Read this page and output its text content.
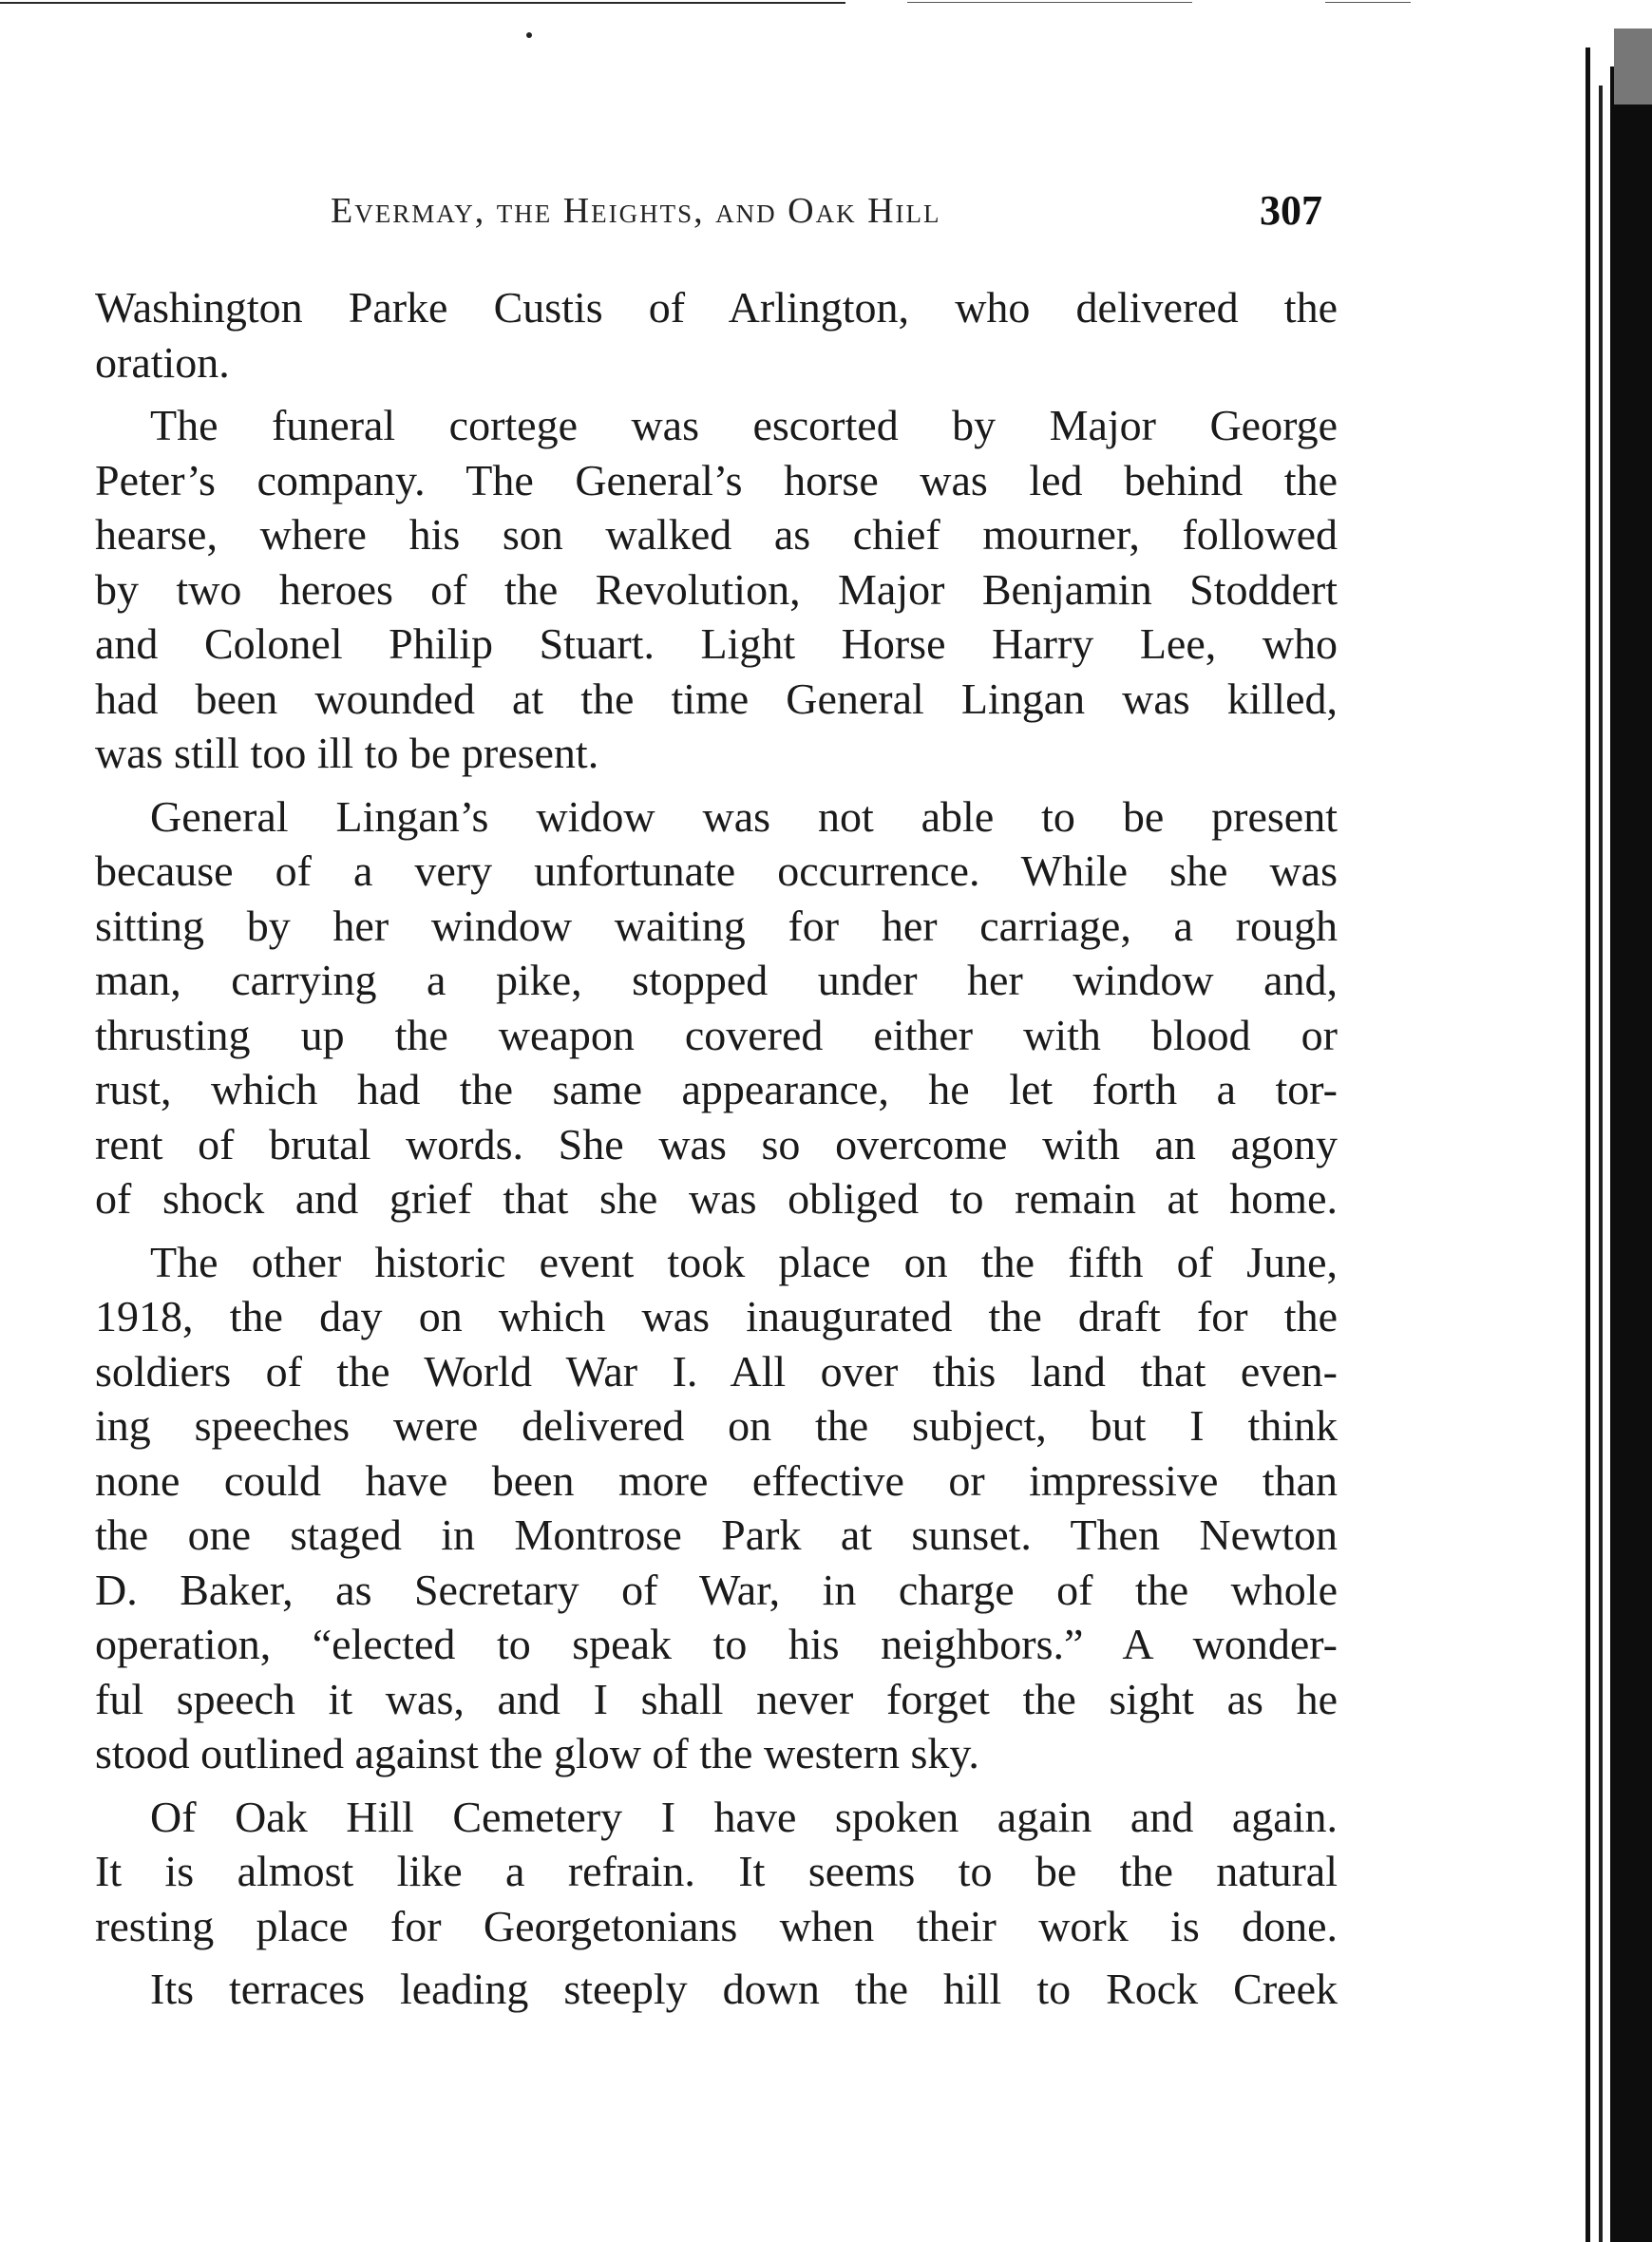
Evermay, the Heights, and Oak Hill	307
Washington Parke Custis of Arlington, who delivered the
oration.
The funeral cortege was escorted by Major George
Peter’s company. The General’s horse was led behind the
hearse, where his son walked as chief mourner, followed
by two heroes of the Revolution, Major Benjamin Stoddert
and Colonel Philip Stuart. Light Horse Harry Lee, who
had been wounded at the time General Lingan was killed,
was still too ill to be present.
General Lingan’s widow was not able to be present
because of a very unfortunate occurrence. While she was
sitting by her window waiting for her carriage, a rough
man, carrying a pike, stopped under her window and,
thrusting up the weapon covered either with blood or
rust, which had the same appearance, he let forth a tor-
rent of brutal words. She was so overcome with an agony
of shock and grief that she was obliged to remain at home.
The other historic event took place on the fifth of June,
1918, the day on which was inaugurated the draft for the
soldiers of the World War I. All over this land that even-
ing speeches were delivered on the subject, but I think
none could have been more effective or impressive than
the one staged in Montrose Park at sunset. Then Newton
D. Baker, as Secretary of War, in charge of the whole
operation, “elected to speak to his neighbors.” A wonder-
ful speech it was, and I shall never forget the sight as he
stood outlined against the glow of the western sky.
Of Oak Hill Cemetery I have spoken again and again.
It is almost like a refrain. It seems to be the natural
resting place for Georgetonians when their work is done.
Its terraces leading steeply down the hill to Rock Creek
